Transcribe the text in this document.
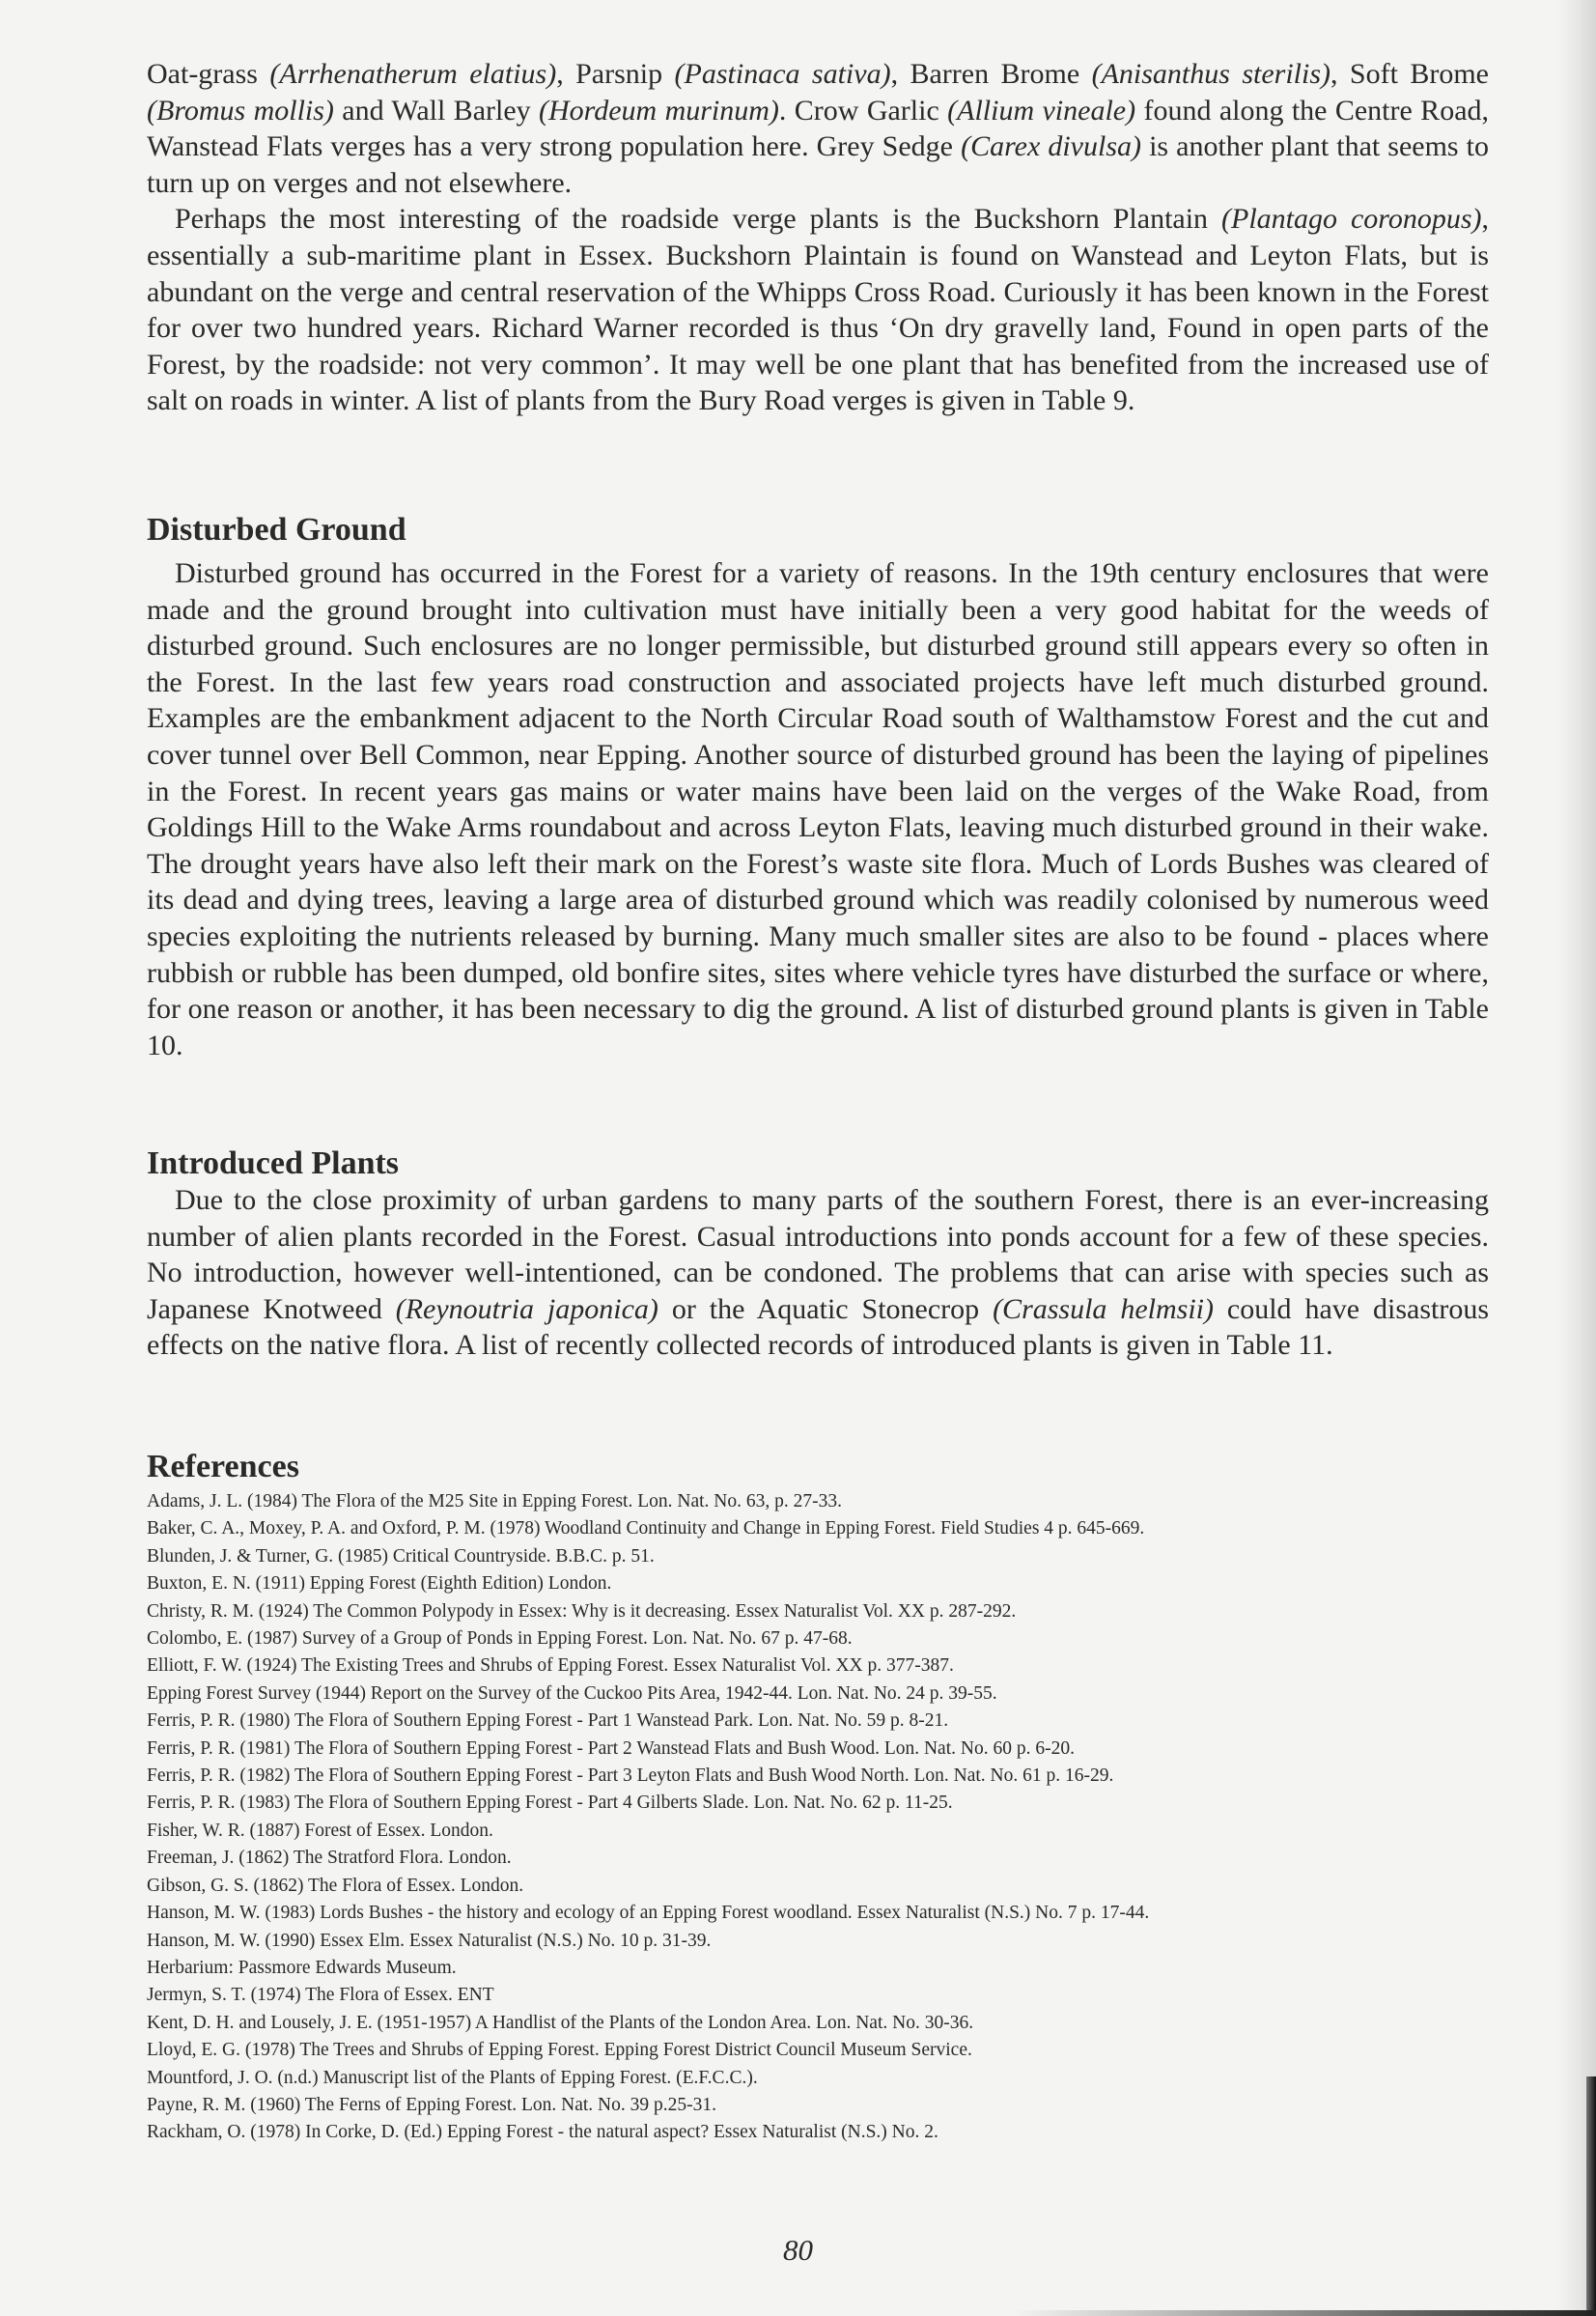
Oat-grass (Arrhenatherum elatius), Parsnip (Pastinaca sativa), Barren Brome (Anisanthus sterilis), Soft Brome (Bromus mollis) and Wall Barley (Hordeum murinum). Crow Garlic (Allium vineale) found along the Centre Road, Wanstead Flats verges has a very strong population here. Grey Sedge (Carex divulsa) is another plant that seems to turn up on verges and not elsewhere.

Perhaps the most interesting of the roadside verge plants is the Buckshorn Plantain (Plantago coronopus), essentially a sub-maritime plant in Essex. Buckshorn Plaintain is found on Wanstead and Leyton Flats, but is abundant on the verge and central reservation of the Whipps Cross Road. Curiously it has been known in the Forest for over two hundred years. Richard Warner recorded is thus ‘On dry gravelly land, Found in open parts of the Forest, by the roadside: not very common’. It may well be one plant that has benefited from the increased use of salt on roads in winter. A list of plants from the Bury Road verges is given in Table 9.

Disturbed Ground

Disturbed ground has occurred in the Forest for a variety of reasons. In the 19th century enclosures that were made and the ground brought into cultivation must have initially been a very good habitat for the weeds of disturbed ground. Such enclosures are no longer permissible, but disturbed ground still appears every so often in the Forest. In the last few years road construction and associated projects have left much disturbed ground. Examples are the embankment adjacent to the North Circular Road south of Walthamstow Forest and the cut and cover tunnel over Bell Common, near Epping. Another source of disturbed ground has been the laying of pipelines in the Forest. In recent years gas mains or water mains have been laid on the verges of the Wake Road, from Goldings Hill to the Wake Arms roundabout and across Leyton Flats, leaving much disturbed ground in their wake. The drought years have also left their mark on the Forest’s waste site flora. Much of Lords Bushes was cleared of its dead and dying trees, leaving a large area of disturbed ground which was readily colonised by numerous weed species exploiting the nutrients released by burning. Many much smaller sites are also to be found - places where rubbish or rubble has been dumped, old bonfire sites, sites where vehicle tyres have disturbed the surface or where, for one reason or another, it has been necessary to dig the ground. A list of disturbed ground plants is given in Table 10.

Introduced Plants

Due to the close proximity of urban gardens to many parts of the southern Forest, there is an ever-increasing number of alien plants recorded in the Forest. Casual introductions into ponds account for a few of these species. No introduction, however well-intentioned, can be condoned. The problems that can arise with species such as Japanese Knotweed (Reynoutria japonica) or the Aquatic Stonecrop (Crassula helmsii) could have disastrous effects on the native flora. A list of recently collected records of introduced plants is given in Table 11.

References
Adams, J. L. (1984) The Flora of the M25 Site in Epping Forest. Lon. Nat. No. 63, p. 27-33.
Baker, C. A., Moxey, P. A. and Oxford, P. M. (1978) Woodland Continuity and Change in Epping Forest. Field Studies 4 p. 645-669.
Blunden, J. & Turner, G. (1985) Critical Countryside. B.B.C. p. 51.
Buxton, E. N. (1911) Epping Forest (Eighth Edition) London.
Christy, R. M. (1924) The Common Polypody in Essex: Why is it decreasing. Essex Naturalist Vol. XX p. 287-292.
Colombo, E. (1987) Survey of a Group of Ponds in Epping Forest. Lon. Nat. No. 67 p. 47-68.
Elliott, F. W. (1924) The Existing Trees and Shrubs of Epping Forest. Essex Naturalist Vol. XX p. 377-387.
Epping Forest Survey (1944) Report on the Survey of the Cuckoo Pits Area, 1942-44. Lon. Nat. No. 24 p. 39-55.
Ferris, P. R. (1980) The Flora of Southern Epping Forest - Part 1 Wanstead Park. Lon. Nat. No. 59 p. 8-21.
Ferris, P. R. (1981) The Flora of Southern Epping Forest - Part 2 Wanstead Flats and Bush Wood. Lon. Nat. No. 60 p. 6-20.
Ferris, P. R. (1982) The Flora of Southern Epping Forest - Part 3 Leyton Flats and Bush Wood North. Lon. Nat. No. 61 p. 16-29.
Ferris, P. R. (1983) The Flora of Southern Epping Forest - Part 4 Gilberts Slade. Lon. Nat. No. 62 p. 11-25.
Fisher, W. R. (1887) Forest of Essex. London.
Freeman, J. (1862) The Stratford Flora. London.
Gibson, G. S. (1862) The Flora of Essex. London.
Hanson, M. W. (1983) Lords Bushes - the history and ecology of an Epping Forest woodland. Essex Naturalist (N.S.) No. 7 p. 17-44.
Hanson, M. W. (1990) Essex Elm. Essex Naturalist (N.S.) No. 10 p. 31-39.
Herbarium: Passmore Edwards Museum.
Jermyn, S. T. (1974) The Flora of Essex. ENT
Kent, D. H. and Lousely, J. E. (1951-1957) A Handlist of the Plants of the London Area. Lon. Nat. No. 30-36.
Lloyd, E. G. (1978) The Trees and Shrubs of Epping Forest. Epping Forest District Council Museum Service.
Mountford, J. O. (n.d.) Manuscript list of the Plants of Epping Forest. (E.F.C.C.).
Payne, R. M. (1960) The Ferns of Epping Forest. Lon. Nat. No. 39 p.25-31.
Rackham, O. (1978) In Corke, D. (Ed.) Epping Forest - the natural aspect? Essex Naturalist (N.S.) No. 2.
80
